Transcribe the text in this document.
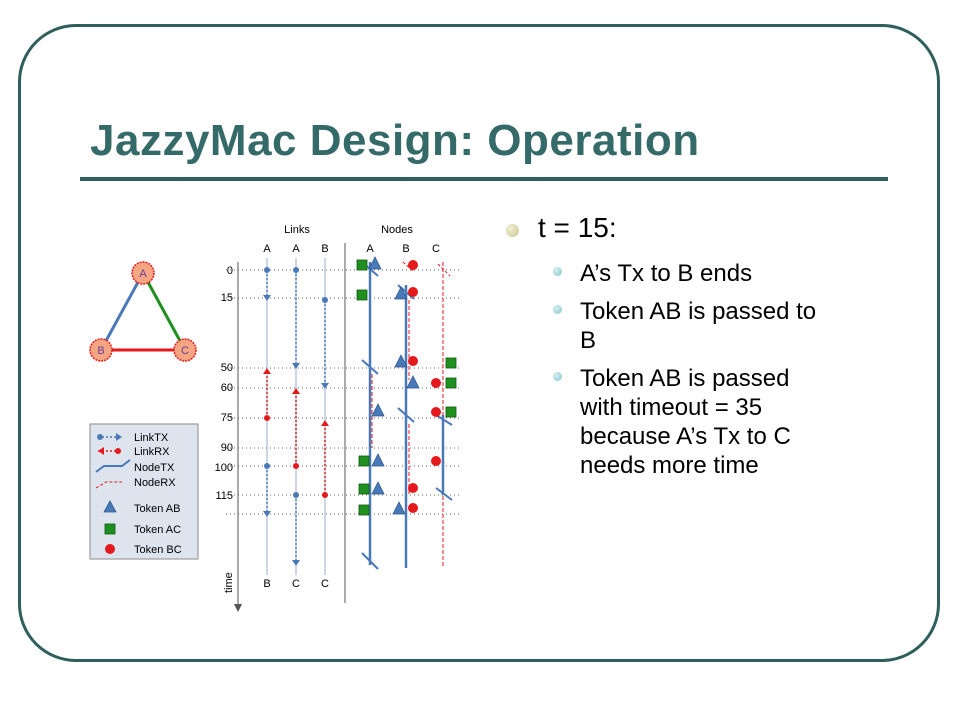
JazzyMac Design: Operation
A
B	C
LinkTX
LinkRX
NodeTX
NodeRX
Token AB
Token AC
Token BC
Links	Nodes
A A B	A	B C
B C C
time
0
15
50
60
75
90
100
115
t = 15:
A’s Tx to B ends
Token AB is passed to
B
Token AB is passed
with timeout = 35
because A’s Tx to C
needs more time
